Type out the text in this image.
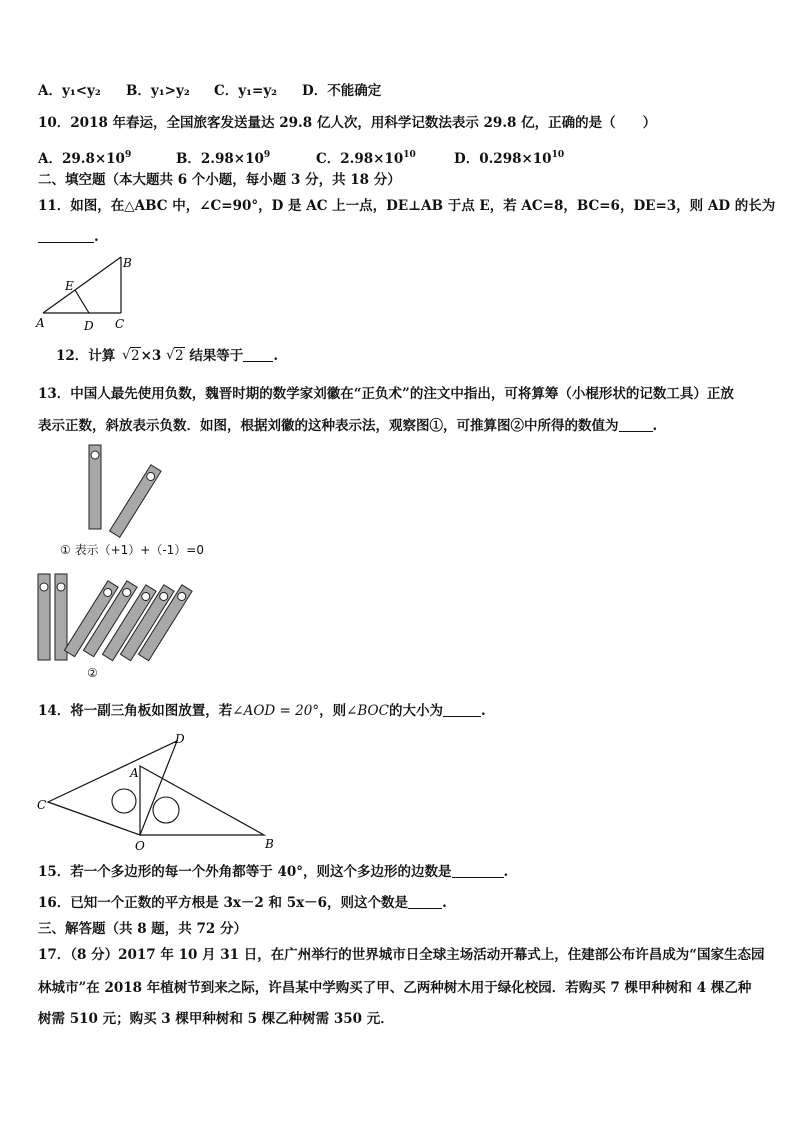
A．y₁<y₂ B．y₁>y₂ C．y₁=y₂ D．不能确定
10．2018 年春运，全国旅客发送量达 29.8 亿人次，用科学记数法表示 29.8 亿，正确的是（　　）
A．$29.8\times 10^9$	B．$2.98\times 10^9$	C．$2.98\times 10^{10}$	D．$0.298\times 10^{10}$
二、填空题（本大题共 6 个小题，每小题 3 分，共 18 分）
11．如图，在△ABC 中，∠C=90°，D 是 AC 上一点，DE⊥AB 于点 E，若 AC=8，BC=6，DE=3，则 AD 的长为
.
A
B
C
D
E
12．计算 √ 2×3 √ 2 结果等于 .
13．中国人最先使用负数，魏晋时期的数学家刘徽在“正负术”的注文中指出，可将算筹（小棍形状的记数工具）正放
表示正数，斜放表示负数．如图，根据刘徽的这种表示法，观察图①，可推算图②中所得的数值为	.
① 表示（+1）+（-1）=0
②
14．将一副三角板如图放置，若∠AOD = 20°，则∠BOC的大小为	.
C
D
A
O	B
15．若一个多边形的每一个外角都等于 40°，则这个多边形的边数是	.
16．已知一个正数的平方根是 3x－2 和 5x－6，则这个数是	.
三、解答题（共 8 题，共 72 分）
17．（8 分）2017 年 10 月 31 日，在广州举行的世界城市日全球主场活动开幕式上，住建部公布许昌成为“国家生态园
林城市”在 2018 年植树节到来之际，许昌某中学购买了甲、乙两种树木用于绿化校园．若购买 7 棵甲种树和 4 棵乙种
树需 510 元；购买 3 棵甲种树和 5 棵乙种树需 350 元．
